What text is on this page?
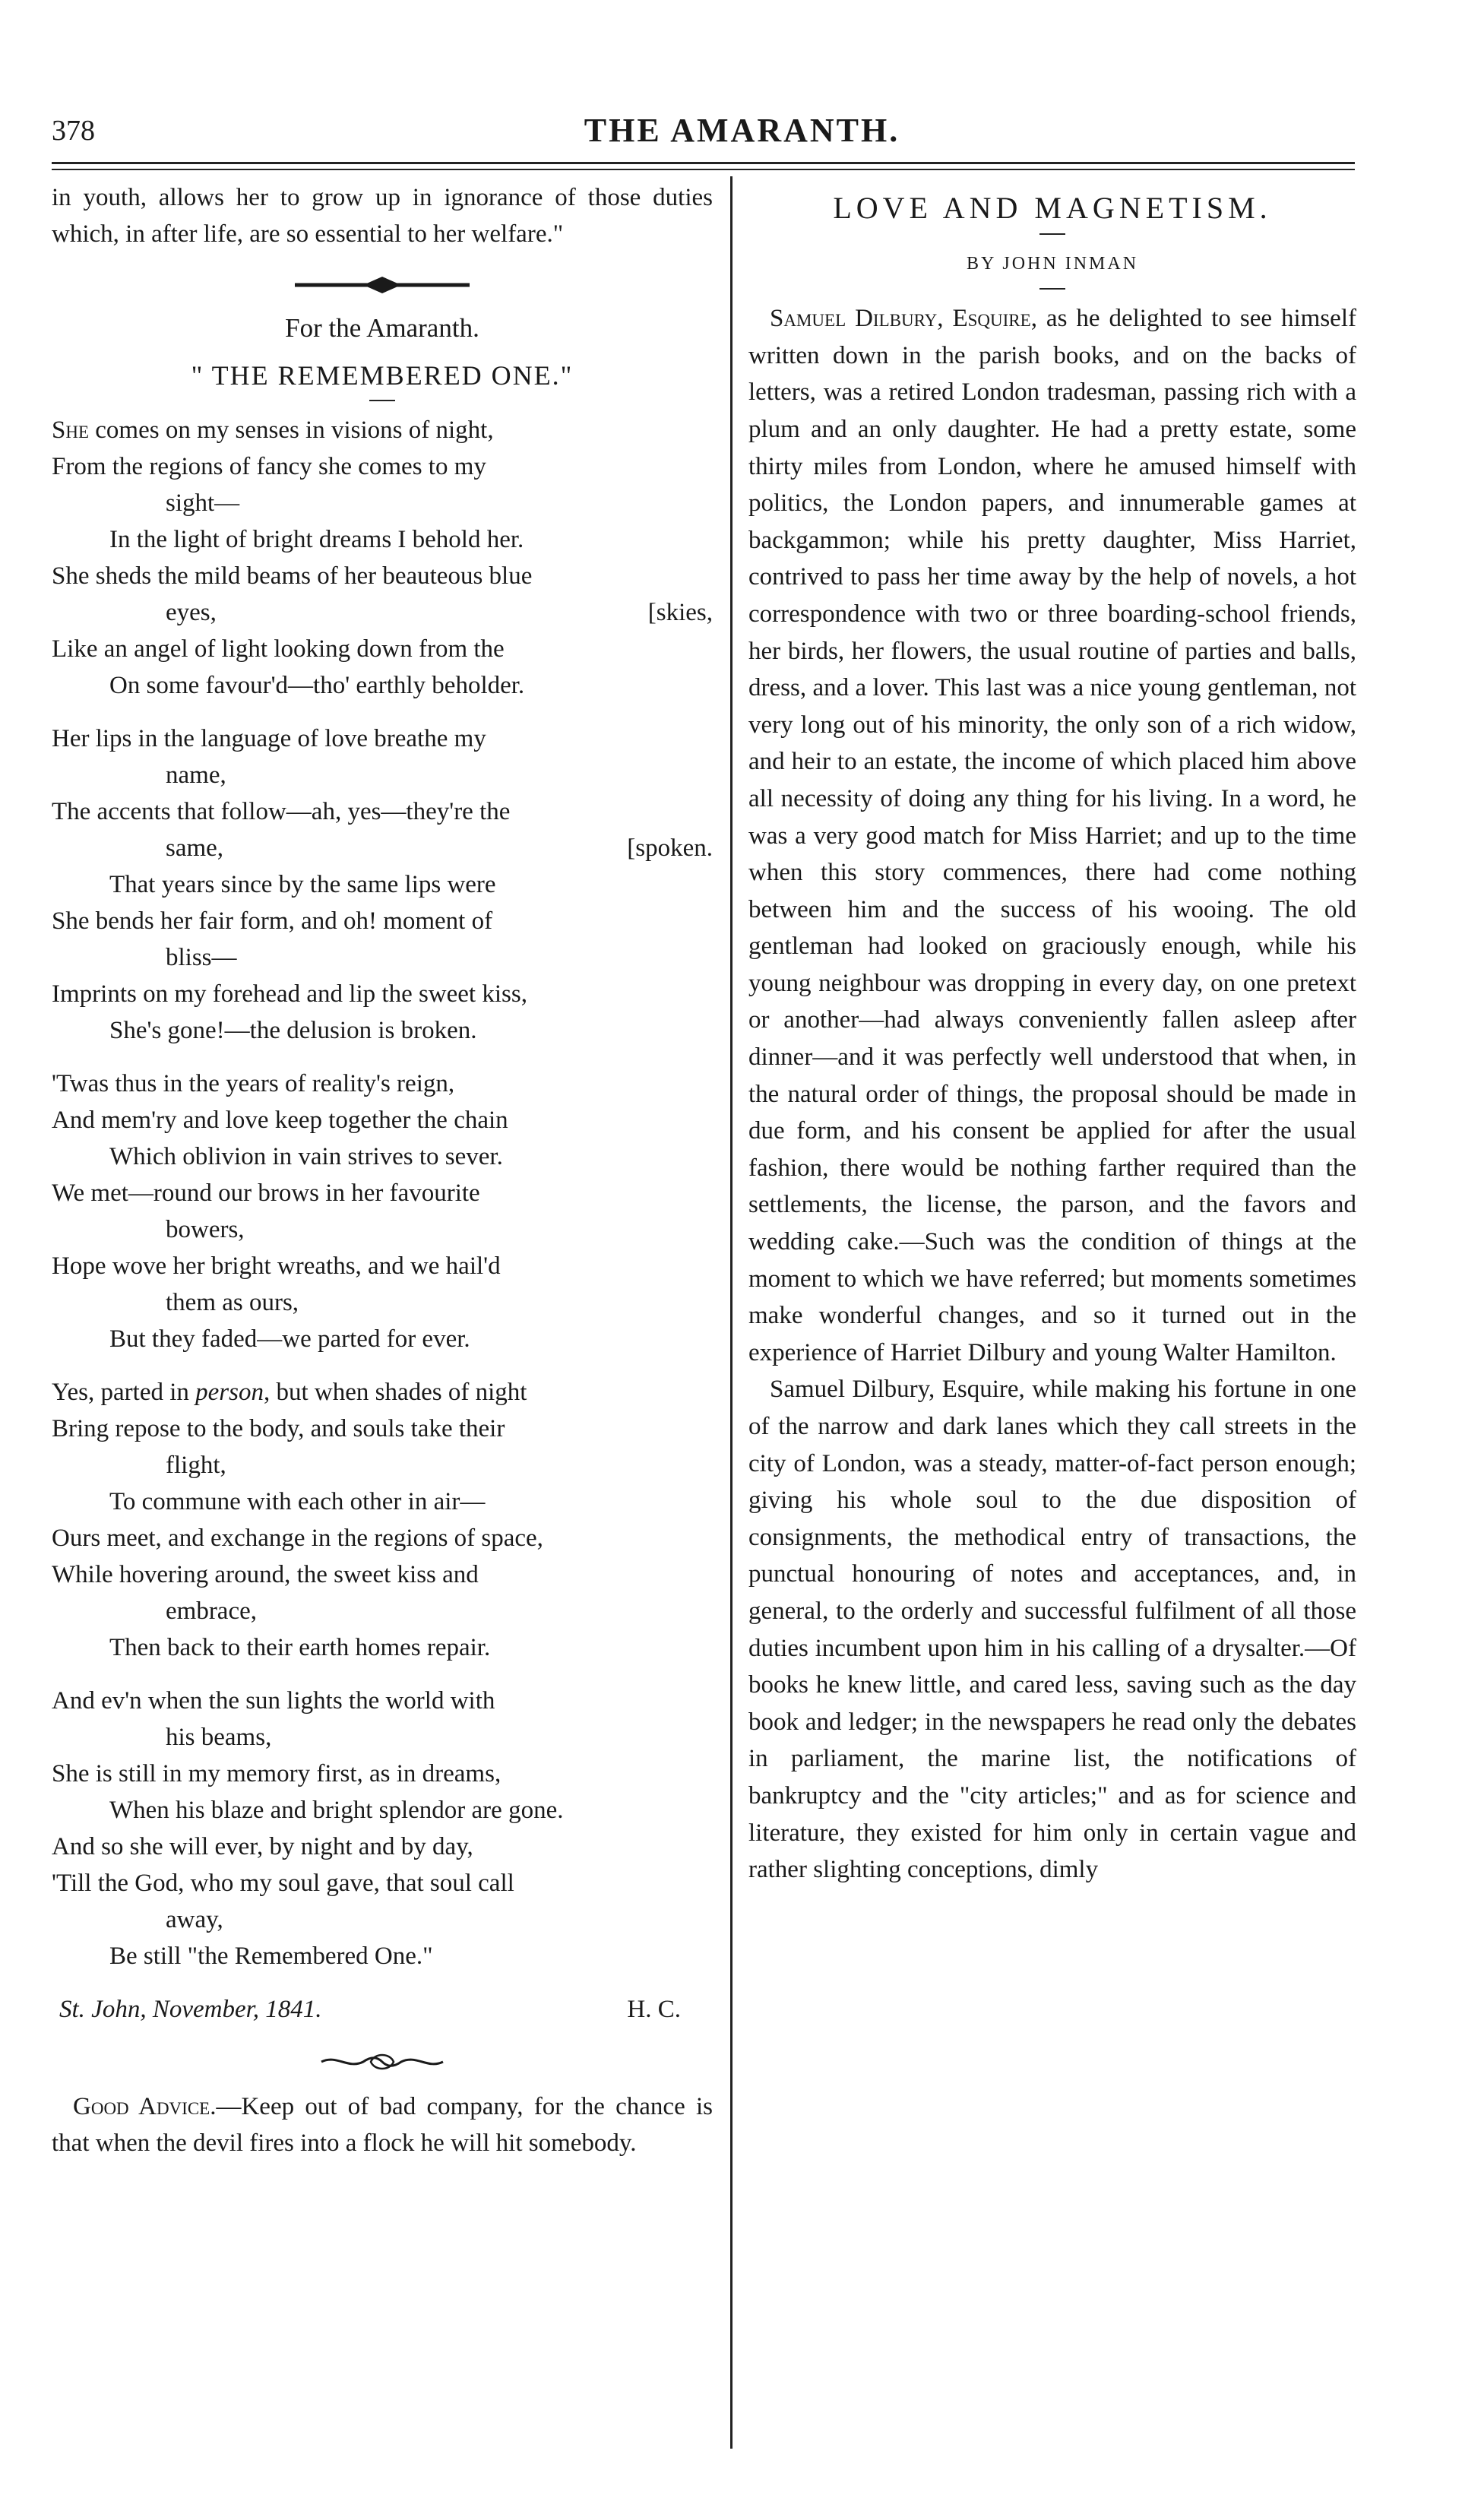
378	THE AMARANTH.

in youth, allows her to grow up in ignorance of those duties which, in after life, are so essential to her welfare."

For the Amaranth.
" THE REMEMBERED ONE."
She comes on my senses in visions of night,
From the regions of fancy she comes to my
sight—
In the light of bright dreams I behold her.
She sheds the mild beams of her beauteous blue
eyes,	[skies,
Like an angel of light looking down from the
On some favour'd—tho' earthly beholder.
Her lips in the language of love breathe my
name,
The accents that follow—ah, yes—they're the
same,	[spoken.
That years since by the same lips were
She bends her fair form, and oh! moment of
bliss—
Imprints on my forehead and lip the sweet kiss,
She's gone!—the delusion is broken.
'Twas thus in the years of reality's reign,
And mem'ry and love keep together the chain
Which oblivion in vain strives to sever.
We met—round our brows in her favourite
bowers,
Hope wove her bright wreaths, and we hail'd
them as ours,
But they faded—we parted for ever.
Yes, parted in person, but when shades of night
Bring repose to the body, and souls take their
flight,
To commune with each other in air—
Ours meet, and exchange in the regions of space,
While hovering around, the sweet kiss and
embrace,
Then back to their earth homes repair.
And ev'n when the sun lights the world with
his beams,
She is still in my memory first, as in dreams,
When his blaze and bright splendor are gone.
And so she will ever, by night and by day,
'Till the God, who my soul gave, that soul call
away,
Be still "the Remembered One."
St. John, November, 1841.	H. C.

Good Advice.—Keep out of bad company, for the chance is that when the devil fires into a flock he will hit somebody.

LOVE AND MAGNETISM.
BY JOHN INMAN

Samuel Dilbury, Esquire, as he delighted to see himself written down in the parish books, and on the backs of letters, was a retired London tradesman, passing rich with a plum and an only daughter. He had a pretty estate, some thirty miles from London, where he amused himself with politics, the London papers, and innumerable games at backgammon; while his pretty daughter, Miss Harriet, contrived to pass her time away by the help of novels, a hot correspondence with two or three boarding-school friends, her birds, her flowers, the usual routine of parties and balls, dress, and a lover. This last was a nice young gentleman, not very long out of his minority, the only son of a rich widow, and heir to an estate, the income of which placed him above all necessity of doing any thing for his living. In a word, he was a very good match for Miss Harriet; and up to the time when this story commences, there had come nothing between him and the success of his wooing. The old gentleman had looked on graciously enough, while his young neighbour was dropping in every day, on one pretext or another—had always conveniently fallen asleep after dinner—and it was perfectly well understood that when, in the natural order of things, the proposal should be made in due form, and his consent be applied for after the usual fashion, there would be nothing farther required than the settlements, the license, the parson, and the favors and wedding cake.—Such was the condition of things at the moment to which we have referred; but moments sometimes make wonderful changes, and so it turned out in the experience of Harriet Dilbury and young Walter Hamilton.

Samuel Dilbury, Esquire, while making his fortune in one of the narrow and dark lanes which they call streets in the city of London, was a steady, matter-of-fact person enough; giving his whole soul to the due disposition of consignments, the methodical entry of transactions, the punctual honouring of notes and acceptances, and, in general, to the orderly and successful fulfilment of all those duties incumbent upon him in his calling of a drysalter.—Of books he knew little, and cared less, saving such as the day book and ledger; in the newspapers he read only the debates in parliament, the marine list, the notifications of bankruptcy and the "city articles;" and as for science and literature, they existed for him only in certain vague and rather slighting conceptions, dimly
